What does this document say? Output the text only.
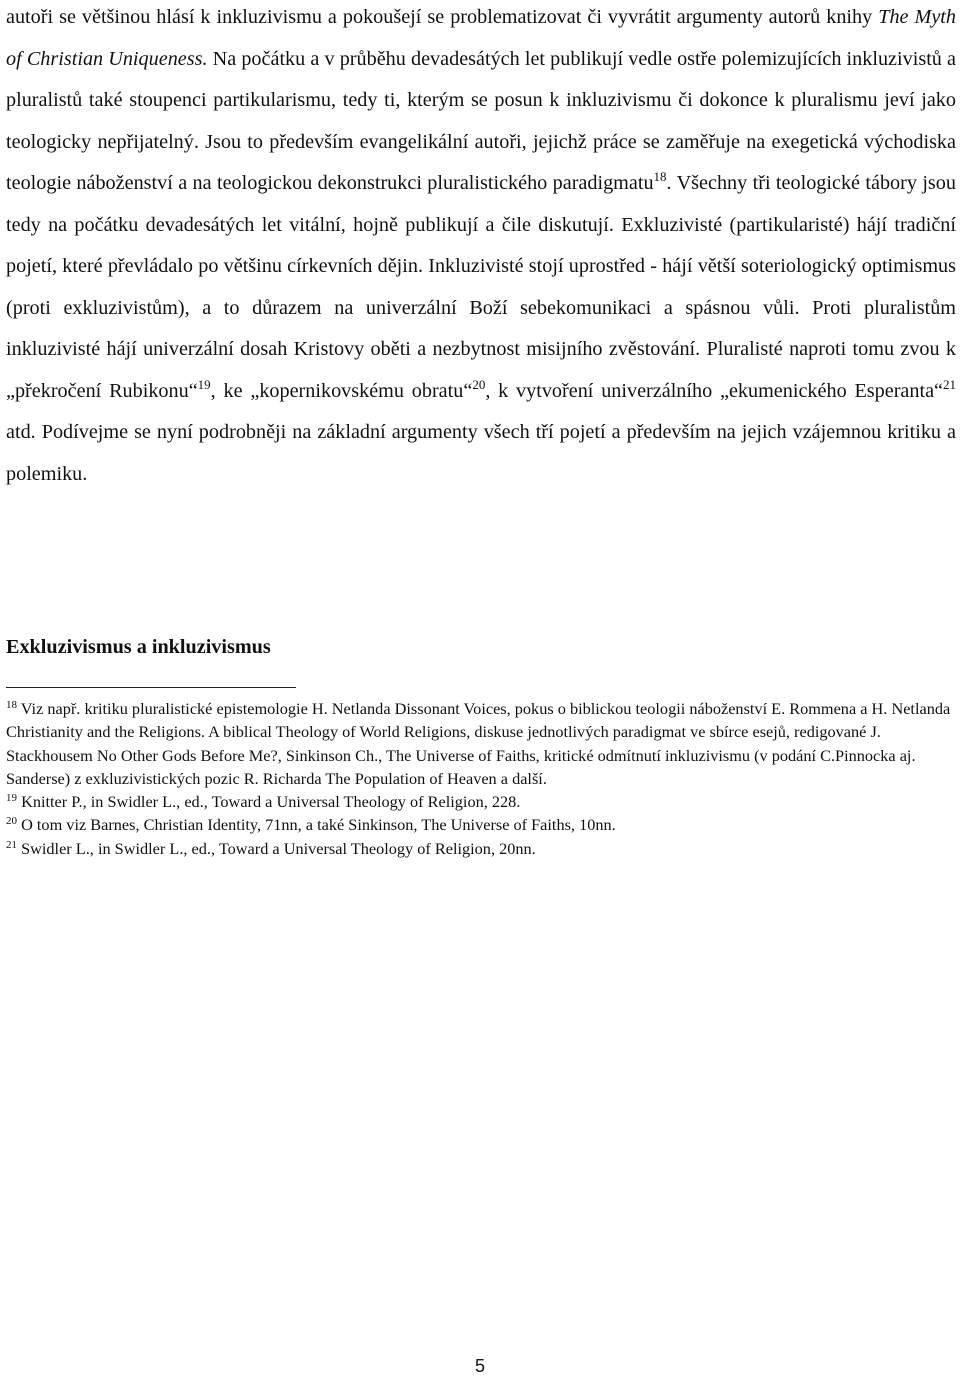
autoři se většinou hlásí k inkluzivismu a pokoušejí se problematizovat či vyvrátit argumenty autorů knihy The Myth of Christian Uniqueness. Na počátku a v průběhu devadesátých let publikují vedle ostře polemizujících inkluzivistů a pluralistů také stoupenci partikularismu, tedy ti, kterým se posun k inkluzivismu či dokonce k pluralismu jeví jako teologicky nepřijatelný. Jsou to především evangelikální autoři, jejichž práce se zaměřuje na exegetická východiska teologie náboženství a na teologickou dekonstrukci pluralistického paradigmatu$^{18}$. Všechny tři teologické tábory jsou tedy na počátku devadesátých let vitální, hojně publikují a čile diskutují. Exkluzivisté (partikularisté) hájí tradiční pojetí, které převládalo po většinu církevních dějin. Inkluzivisté stojí uprostřed - hájí větší soteriologický optimismus (proti exkluzivistům), a to důrazem na univerzální Boží sebekomunikaci a spásnou vůli. Proti pluralistům inkluzivisté hájí univerzální dosah Kristovy oběti a nezbytnost misijního zvěstování. Pluralisté naproti tomu zvou k „překročení Rubikonu“$^{19}$, ke „kopernikovskému obratu“$^{20}$, k vytvoření univerzálního „ekumenického Esperanta“$^{21}$ atd. Podívejme se nyní podrobněji na základní argumenty všech tří pojetí a především na jejich vzájemnou kritiku a polemiku.

Exkluzivismus a inkluzivismus

$^{18}$ Viz např. kritiku pluralistické epistemologie H. Netlanda Dissonant Voices, pokus o biblickou teologii náboženství E. Rommena a H. Netlanda Christianity and the Religions. A biblical Theology of World Religions, diskuse jednotlivých paradigmat ve sbírce esejů, redigované J. Stackhousem No Other Gods Before Me?, Sinkinson Ch., The Universe of Faiths, kritické odmítnutí inkluzivismu (v podání C.Pinnocka aj. Sanderse) z exkluzivistických pozic R. Richarda The Population of Heaven a další.

$^{19}$ Knitter P., in Swidler L., ed., Toward a Universal Theology of Religion, 228.

$^{20}$ O tom viz Barnes, Christian Identity, 71nn, a také Sinkinson, The Universe of Faiths, 10nn.

$^{21}$ Swidler L., in Swidler L., ed., Toward a Universal Theology of Religion, 20nn.

5
